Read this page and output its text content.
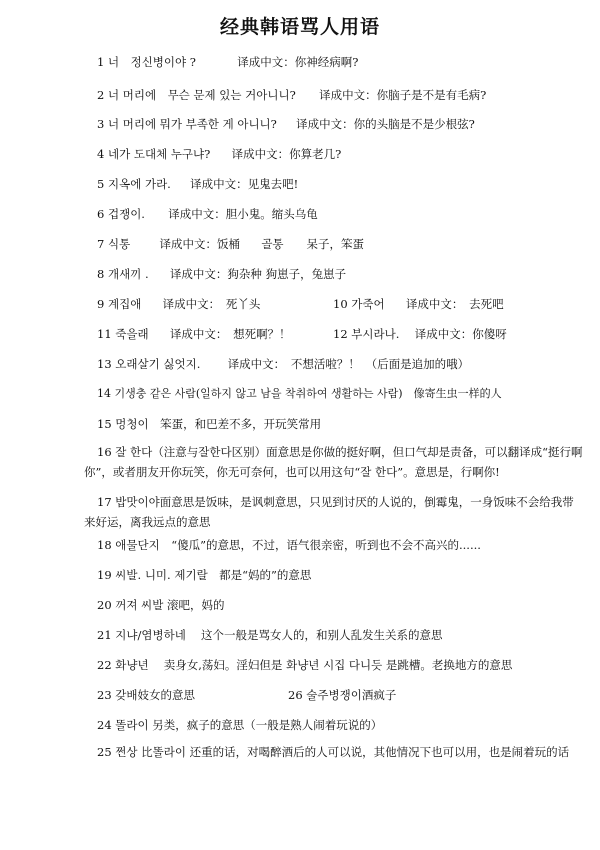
经典韩语骂人用语
1 너　정신병이야 ?	译成中文：你神经病啊?
2 너 머리에　무슨 문제 있는 거아니니? 译成中文：你脑子是不是有毛病?
3 너 머리에 뭐가 부족한 게 아니니? 译成中文：你的头脑是不是少根弦?
4 네가 도대체 누구냐? 译成中文：你算老几?
5 지옥에 가라. 译成中文：见鬼去吧!
6 겁쟁이. 译成中文：胆小鬼。缩头乌龟
7 식통	译成中文：饭桶 골통　　呆子，笨蛋
8 개새끼 . 译成中文：狗杂种 狗崽子，兔崽子
9 계집애 译成中文：　死丫头	10 가죽어 译成中文：　去死吧
11 죽을래 译成中文：　想死啊？！	12 부시라나. 译成中文：你傻呀
13 오래살기 싫엇지. 译成中文：　不想活啦？！　（后面是追加的哦）
14 기생충 같은 사람(일하지 않고 남을 착취하여 생활하는 사람)　像寄生虫一样的人
15 멍청이　笨蛋，和巴差不多，开玩笑常用
16 잘 한다（注意与잘한다区别）面意思是你做的挺好啊，但口气却是责备，可以翻译成“挺行啊你”，或者朋友开你玩笑，你无可奈何，也可以用这句“잘 한다”。意思是，行啊你!
17 밥맛이야面意思是饭味，是讽刺意思，只见到讨厌的人说的，倒霉鬼，一身饭味不会给我带来好运，离我远点的意思
18 애물단지　“傻瓜”的意思，不过，语气很亲密，听到也不会不高兴的......
19 씨발. 니미. 제기랄　都是“妈的”的意思
20 꺼져 씨발 滚吧，妈的
21 지냐/염병하네　 这个一般是骂女人的，和别人乱发生关系的意思
22 화냥년　 卖身女,荡妇。淫妇但是 화냥년 시집 다니듯 是跳槽。老换地方的意思
23 갖배妓女的意思	26 술주병쟁이酒疯子
24 똘라이 另类，疯子的意思（一般是熟人闹着玩说的）
25 쩐상 比똘라이 还重的话，对喝醉酒后的人可以说，其他情况下也可以用，也是闹着玩的话
